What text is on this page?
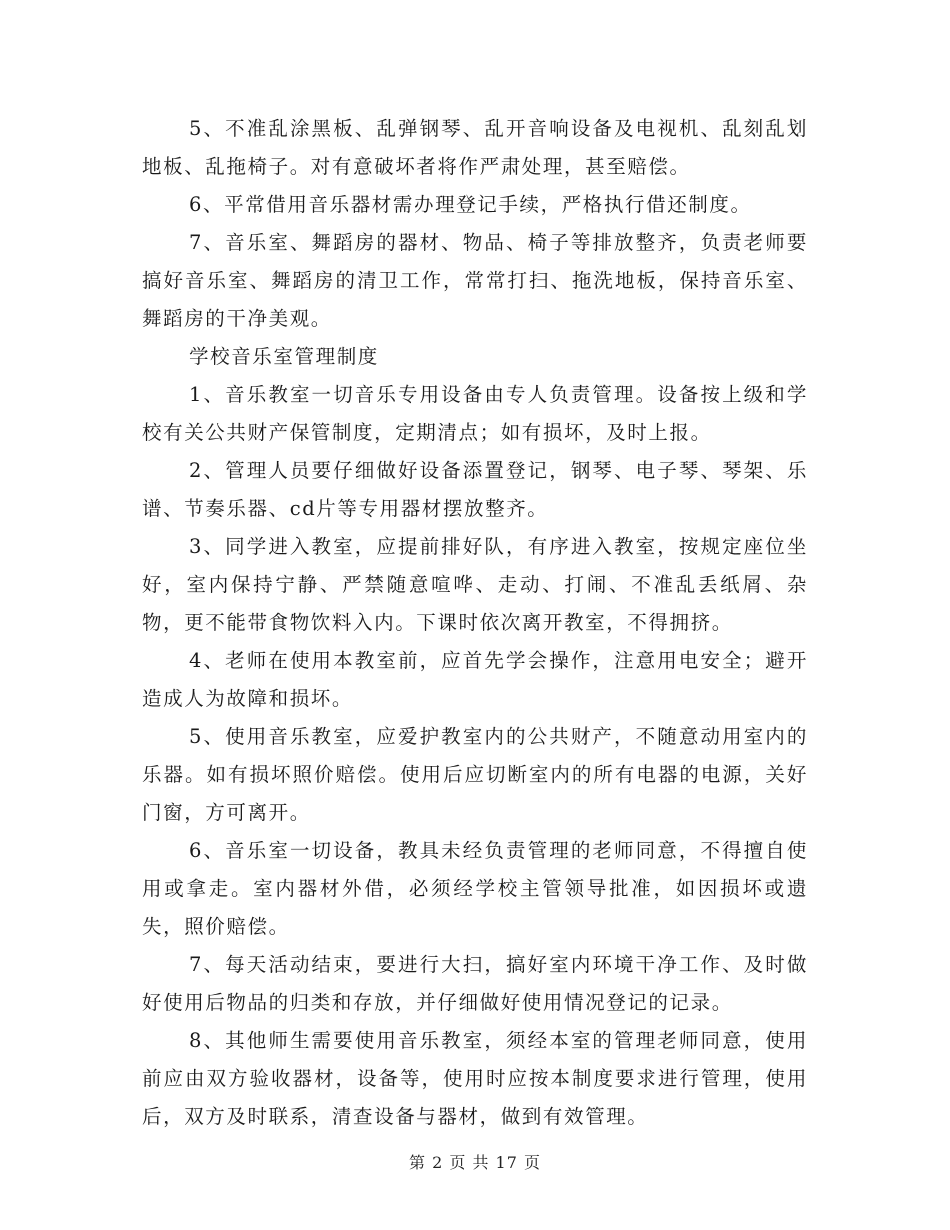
5、不准乱涂黑板、乱弹钢琴、乱开音响设备及电视机、乱刻乱划地板、乱拖椅子。对有意破坏者将作严肃处理，甚至赔偿。

6、平常借用音乐器材需办理登记手续，严格执行借还制度。

7、音乐室、舞蹈房的器材、物品、椅子等排放整齐，负责老师要搞好音乐室、舞蹈房的清卫工作，常常打扫、拖洗地板，保持音乐室、舞蹈房的干净美观。

学校音乐室管理制度

1、音乐教室一切音乐专用设备由专人负责管理。设备按上级和学校有关公共财产保管制度，定期清点；如有损坏，及时上报。

2、管理人员要仔细做好设备添置登记，钢琴、电子琴、琴架、乐谱、节奏乐器、cd片等专用器材摆放整齐。

3、同学进入教室，应提前排好队，有序进入教室，按规定座位坐好，室内保持宁静、严禁随意喧哗、走动、打闹、不准乱丢纸屑、杂物，更不能带食物饮料入内。下课时依次离开教室，不得拥挤。

4、老师在使用本教室前，应首先学会操作，注意用电安全；避开造成人为故障和损坏。

5、使用音乐教室，应爱护教室内的公共财产，不随意动用室内的乐器。如有损坏照价赔偿。使用后应切断室内的所有电器的电源，关好门窗，方可离开。

6、音乐室一切设备，教具未经负责管理的老师同意，不得擅自使用或拿走。室内器材外借，必须经学校主管领导批准，如因损坏或遗失，照价赔偿。

7、每天活动结束，要进行大扫，搞好室内环境干净工作、及时做好使用后物品的归类和存放，并仔细做好使用情况登记的记录。

8、其他师生需要使用音乐教室，须经本室的管理老师同意，使用前应由双方验收器材，设备等，使用时应按本制度要求进行管理，使用后，双方及时联系，清查设备与器材，做到有效管理。

第 2 页 共 17 页
